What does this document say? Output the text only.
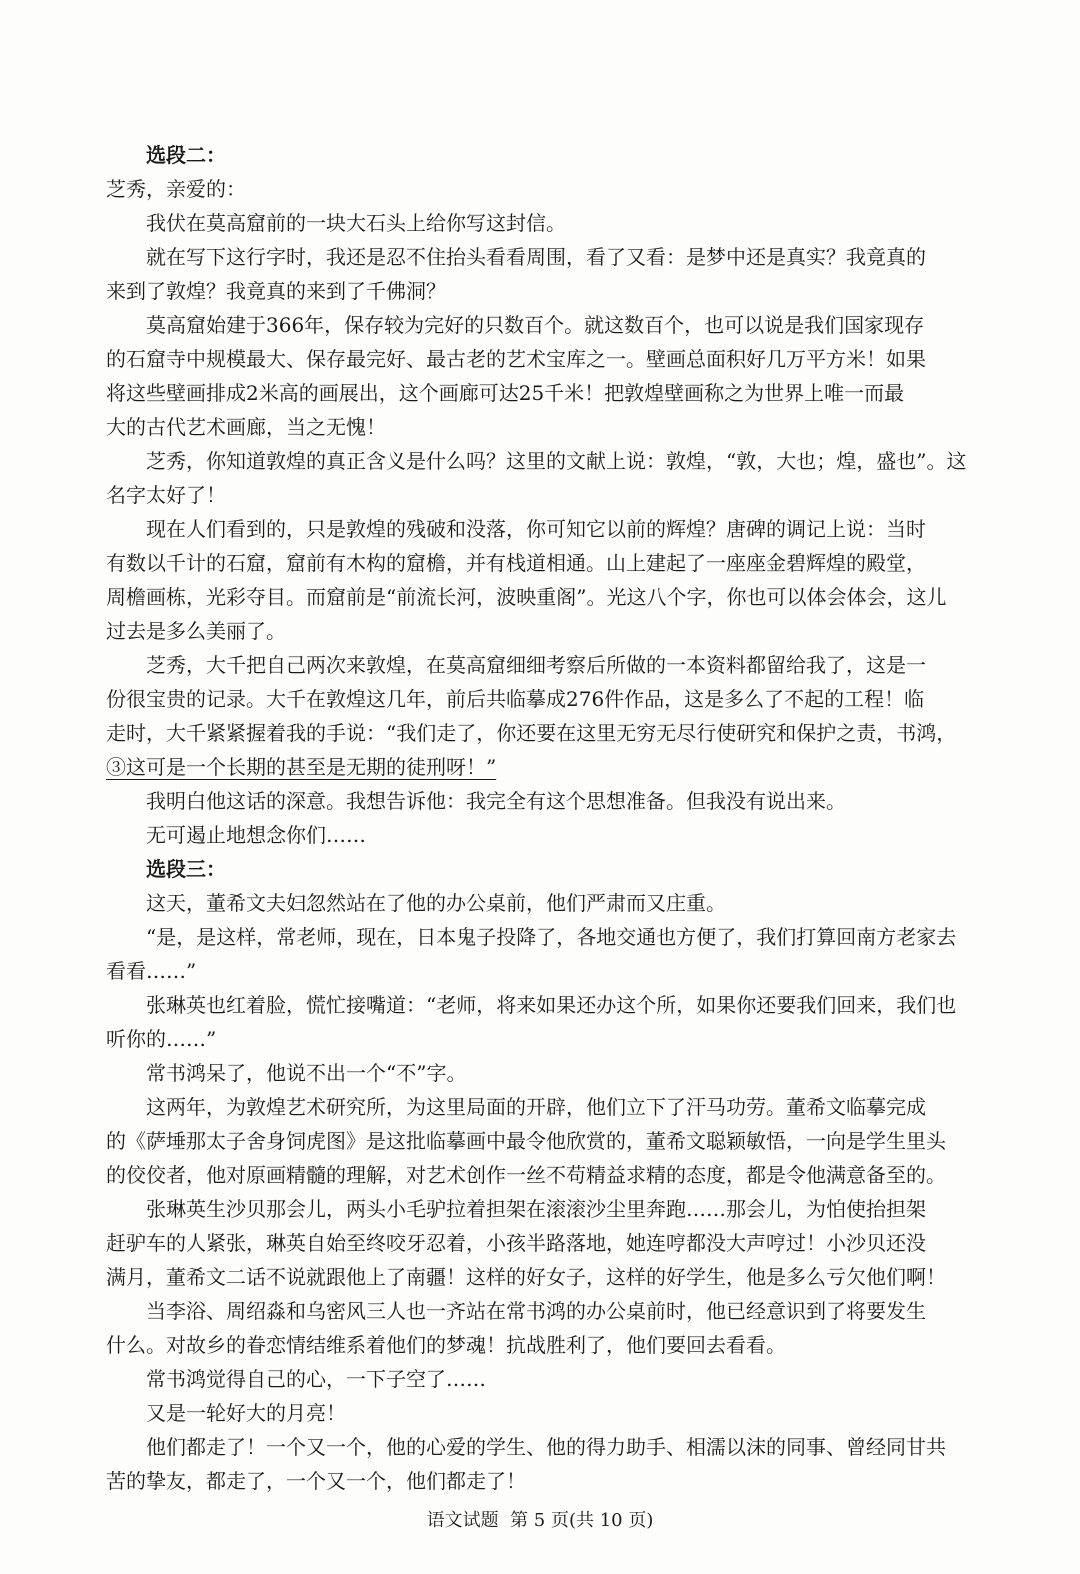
选段二：
芝秀，亲爱的：
我伏在莫高窟前的一块大石头上给你写这封信。
就在写下这行字时，我还是忍不住抬头看看周围，看了又看：是梦中还是真实？我竟真的
来到了敦煌？我竟真的来到了千佛洞？
莫高窟始建于366年，保存较为完好的只数百个。就这数百个，也可以说是我们国家现存
的石窟寺中规模最大、保存最完好、最古老的艺术宝库之一。壁画总面积好几万平方米！如果
将这些壁画排成2米高的画展出，这个画廊可达25千米！把敦煌壁画称之为世界上唯一而最
大的古代艺术画廊，当之无愧！
芝秀，你知道敦煌的真正含义是什么吗？这里的文献上说：敦煌，“敦，大也；煌，盛也”。这
名字太好了！
现在人们看到的，只是敦煌的残破和没落，你可知它以前的辉煌？唐碑的调记上说：当时
有数以千计的石窟，窟前有木构的窟檐，并有栈道相通。山上建起了一座座金碧辉煌的殿堂，
周檐画栋，光彩夺目。而窟前是“前流长河，波映重阁”。光这八个字，你也可以体会体会，这儿
过去是多么美丽了。
芝秀，大千把自己两次来敦煌，在莫高窟细细考察后所做的一本资料都留给我了，这是一
份很宝贵的记录。大千在敦煌这几年，前后共临摹成276件作品，这是多么了不起的工程！临
走时，大千紧紧握着我的手说：“我们走了，你还要在这里无穷无尽行使研究和保护之责，书鸿，
③这可是一个长期的甚至是无期的徒刑呀！”
我明白他这话的深意。我想告诉他：我完全有这个思想准备。但我没有说出来。
无可遏止地想念你们……
选段三：
这天，董希文夫妇忽然站在了他的办公桌前，他们严肃而又庄重。
“是，是这样，常老师，现在，日本鬼子投降了，各地交通也方便了，我们打算回南方老家去
看看……”
张琳英也红着脸，慌忙接嘴道：“老师，将来如果还办这个所，如果你还要我们回来，我们也
听你的……”
常书鸿呆了，他说不出一个“不”字。
这两年，为敦煌艺术研究所，为这里局面的开辟，他们立下了汗马功劳。董希文临摹完成
的《萨埵那太子舍身饲虎图》是这批临摹画中最令他欣赏的，董希文聪颖敏悟，一向是学生里头
的佼佼者，他对原画精髓的理解，对艺术创作一丝不苟精益求精的态度，都是令他满意备至的。
张琳英生沙贝那会儿，两头小毛驴拉着担架在滚滚沙尘里奔跑……那会儿，为怕使抬担架
赶驴车的人紧张，琳英自始至终咬牙忍着，小孩半路落地，她连哼都没大声哼过！小沙贝还没
满月，董希文二话不说就跟他上了南疆！这样的好女子，这样的好学生，他是多么亏欠他们啊！
当李浴、周绍淼和乌密风三人也一齐站在常书鸿的办公桌前时，他已经意识到了将要发生
什么。对故乡的眷恋情结维系着他们的梦魂！抗战胜利了，他们要回去看看。
常书鸿觉得自己的心，一下子空了……
又是一轮好大的月亮！
他们都走了！一个又一个，他的心爱的学生、他的得力助手、相濡以沫的同事、曾经同甘共
苦的挚友，都走了，一个又一个，他们都走了！
语文试题  第 5 页(共 10 页)
